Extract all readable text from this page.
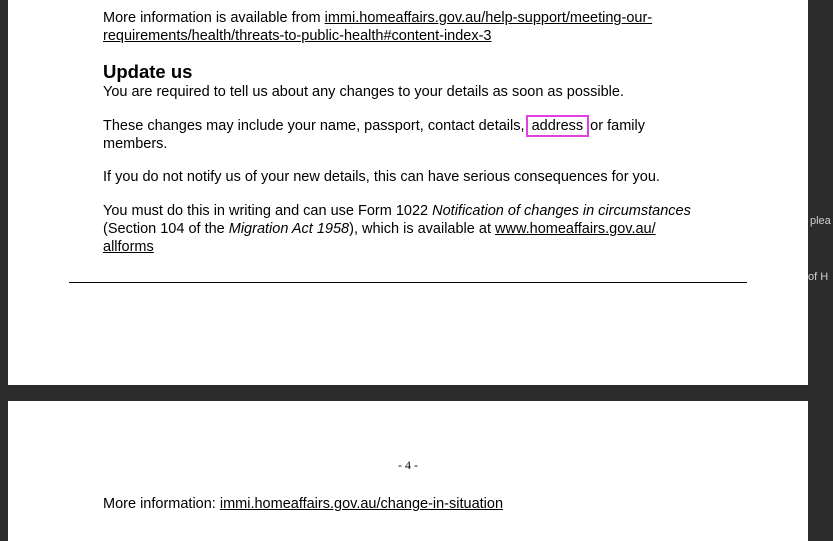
plea
of H
More information is available from immi.homeaffairs.gov.au/help-support/meeting-our-
requirements/health/threats-to-public-health#content-index-3
Update us
You are required to tell us about any changes to your details as soon as possible.
These changes may include your name, passport, contact details, address or family
members.
If you do not notify us of your new details, this can have serious consequences for you.
You must do this in writing and can use Form 1022 Notification of changes in circumstances
(Section 104 of the Migration Act 1958), which is available at www.homeaffairs.gov.au/
allforms
- 4 -
More information: immi.homeaffairs.gov.au/change-in-situation
